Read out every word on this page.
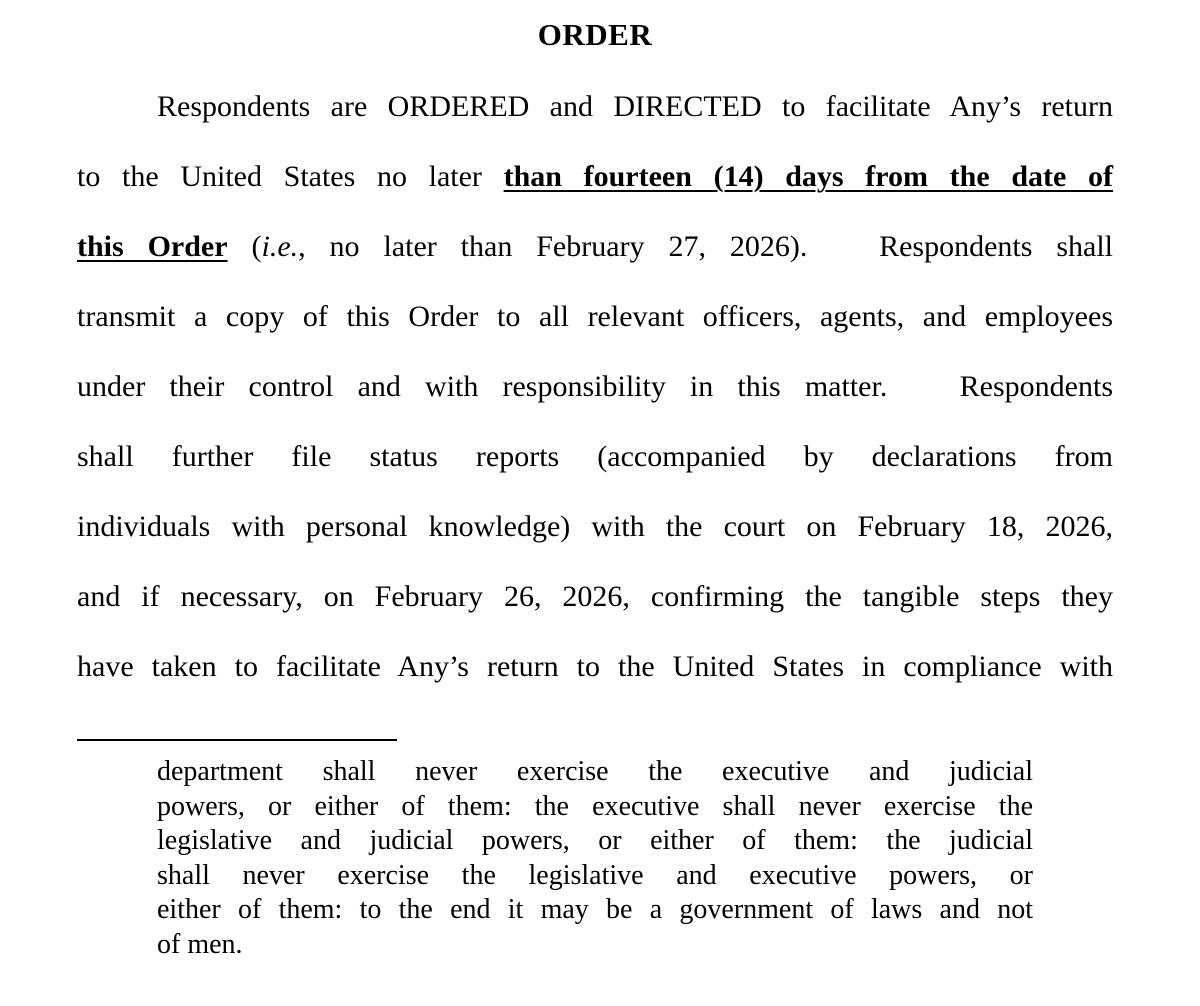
ORDER
Respondents are ORDERED and DIRECTED to facilitate Any’s return
to the United States no later than fourteen (14) days from the date of
this Order (i.e., no later than February 27, 2026).   Respondents shall
transmit a copy of this Order to all relevant officers, agents, and employees
under their control and with responsibility in this matter.   Respondents
shall further file status reports (accompanied by declarations from
individuals with personal knowledge) with the court on February 18, 2026,
and if necessary, on February 26, 2026, confirming the tangible steps they
have taken to facilitate Any’s return to the United States in compliance with
department shall never exercise the executive and judicial
powers, or either of them: the executive shall never exercise the
legislative and judicial powers, or either of them: the judicial
shall never exercise the legislative and executive powers, or
either of them: to the end it may be a government of laws and not
of men.
